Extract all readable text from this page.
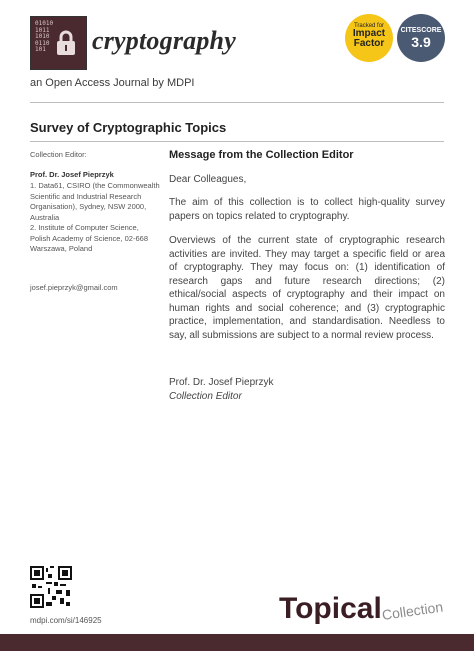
01010
1011
1010
0110
101 cryptography
an Open Access Journal by MDPI
Tracked for
Impact
Factor
CITESCORE
3.9
Survey of Cryptographic Topics
Collection Editor:
Prof. Dr. Josef Pieprzyk
1. Data61, CSIRO (the Commonwealth Scientific and Industrial Research Organisation), Sydney, NSW 2000, Australia
2. Institute of Computer Science, Polish Academy of Science, 02-668 Warszawa, Poland
josef.pieprzyk@gmail.com
Message from the Collection Editor
Dear Colleagues,
The aim of this collection is to collect high-quality survey papers on topics related to cryptography.
Overviews of the current state of cryptographic research activities are invited. They may target a specific field or area of cryptography. They may focus on: (1) identification of research gaps and future research directions; (2) ethical/social aspects of cryptography and their impact on human rights and social coherence; and (3) cryptographic practice, implementation, and standardisation. Needless to say, all submissions are subject to a normal review process.
Prof. Dr. Josef Pieprzyk
Collection Editor
mdpi.com/si/146925	Topical Collection
